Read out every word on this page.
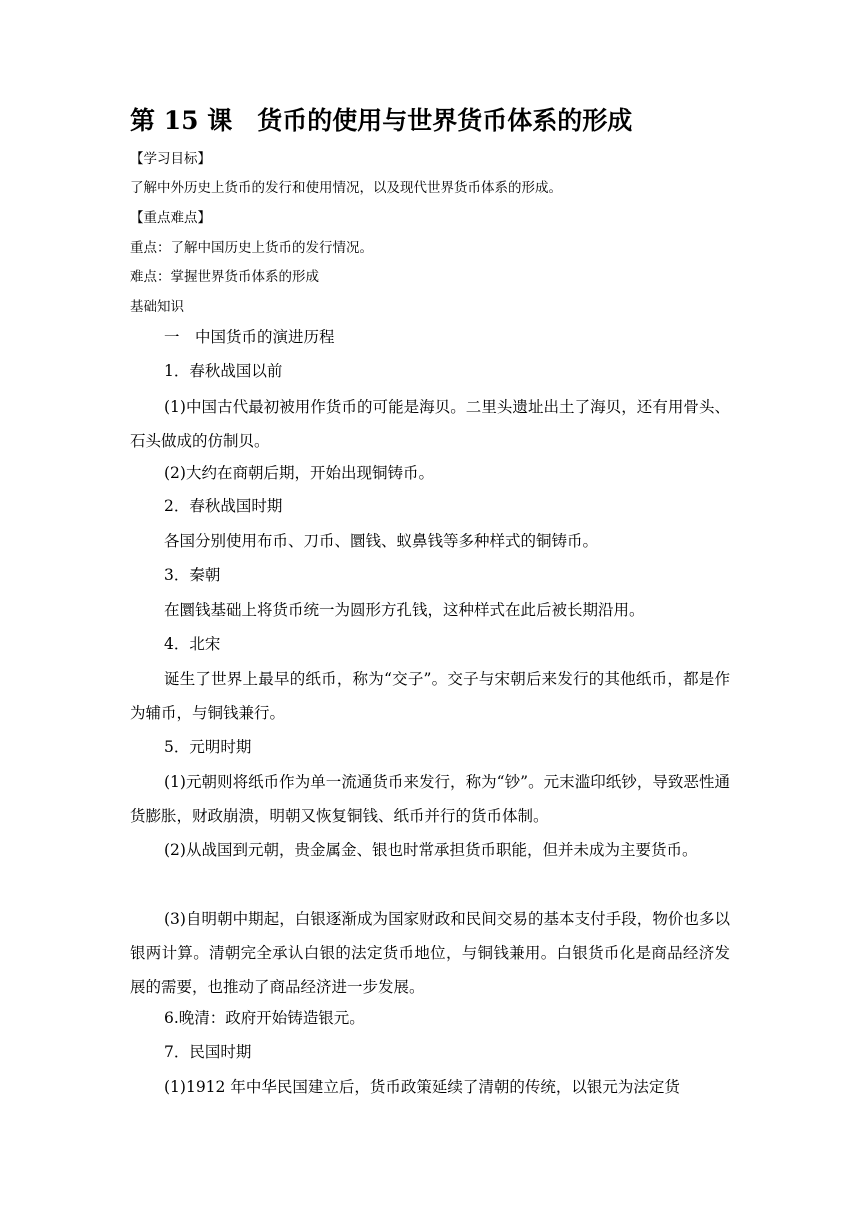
第 15 课　货币的使用与世界货币体系的形成

【学习目标】

了解中外历史上货币的发行和使用情况，以及现代世界货币体系的形成。

【重点难点】

重点：了解中国历史上货币的发行情况。

难点：掌握世界货币体系的形成

基础知识

一　中国货币的演进历程

1．春秋战国以前

(1)中国古代最初被用作货币的可能是海贝。二里头遗址出土了海贝，还有用骨头、石头做成的仿制贝。

(2)大约在商朝后期，开始出现铜铸币。

2．春秋战国时期

各国分别使用布币、刀币、圜钱、蚁鼻钱等多种样式的铜铸币。

3．秦朝

在圜钱基础上将货币统一为圆形方孔钱，这种样式在此后被长期沿用。

4．北宋

诞生了世界上最早的纸币，称为“交子”。交子与宋朝后来发行的其他纸币，都是作为辅币，与铜钱兼行。

5．元明时期

(1)元朝则将纸币作为单一流通货币来发行，称为“钞”。元末滥印纸钞，导致恶性通货膨胀，财政崩溃，明朝又恢复铜钱、纸币并行的货币体制。

(2)从战国到元朝，贵金属金、银也时常承担货币职能，但并未成为主要货币。

(3)自明朝中期起，白银逐渐成为国家财政和民间交易的基本支付手段，物价也多以银两计算。清朝完全承认白银的法定货币地位，与铜钱兼用。白银货币化是商品经济发展的需要，也推动了商品经济进一步发展。

6.晚清：政府开始铸造银元。

7．民国时期

(1)1912 年中华民国建立后，货币政策延续了清朝的传统，以银元为法定货
